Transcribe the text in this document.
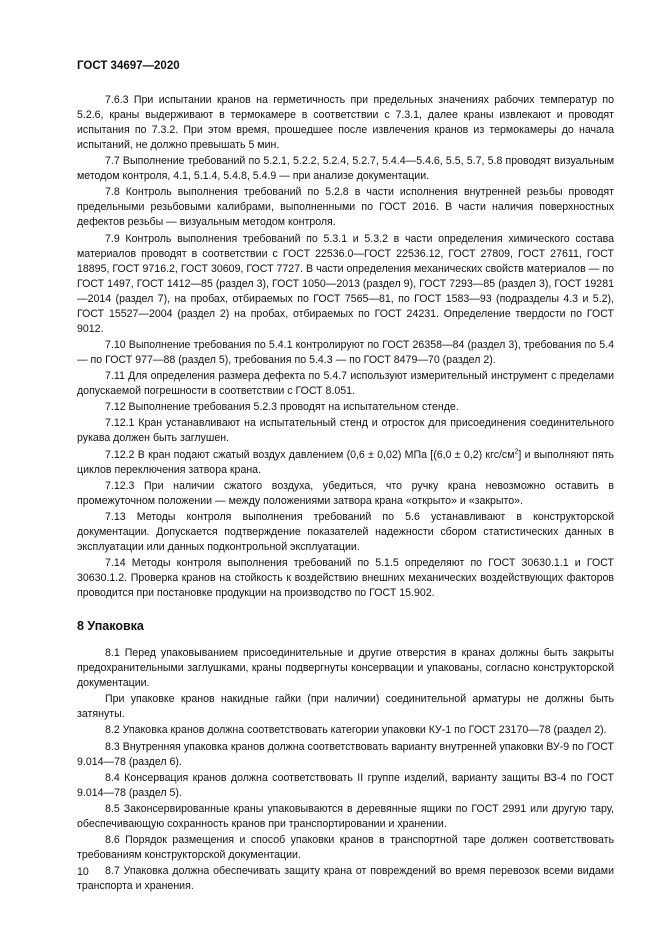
ГОСТ 34697—2020

7.6.3 При испытании кранов на герметичность при предельных значениях рабочих температур по 5.2.6, краны выдерживают в термокамере в соответствии с 7.3.1, далее краны извлекают и проводят испытания по 7.3.2. При этом время, прошедшее после извлечения кранов из термокамеры до начала испытаний, не должно превышать 5 мин.

7.7 Выполнение требований по 5.2.1, 5.2.2, 5.2.4, 5.2.7, 5.4.4—5.4.6, 5.5, 5.7, 5.8 проводят визуальным методом контроля, 4.1, 5.1.4, 5.4.8, 5.4.9 — при анализе документации.

7.8 Контроль выполнения требований по 5.2.8 в части исполнения внутренней резьбы проводят предельными резьбовыми калибрами, выполненными по ГОСТ 2016. В части наличия поверхностных дефектов резьбы — визуальным методом контроля.

7.9 Контроль выполнения требований по 5.3.1 и 5.3.2 в части определения химического состава материалов проводят в соответствии с ГОСТ 22536.0—ГОСТ 22536.12, ГОСТ 27809, ГОСТ 27611, ГОСТ 18895, ГОСТ 9716.2, ГОСТ 30609, ГОСТ 7727. В части определения механических свойств материалов — по ГОСТ 1497, ГОСТ 1412—85 (раздел 3), ГОСТ 1050—2013 (раздел 9), ГОСТ 7293—85 (раздел 3), ГОСТ 19281—2014 (раздел 7), на пробах, отбираемых по ГОСТ 7565—81, по ГОСТ 1583—93 (подразделы 4.3 и 5.2), ГОСТ 15527—2004 (раздел 2) на пробах, отбираемых по ГОСТ 24231. Определение твердости по ГОСТ 9012.

7.10 Выполнение требования по 5.4.1 контролируют по ГОСТ 26358—84 (раздел 3), требования по 5.4 — по ГОСТ 977—88 (раздел 5), требования по 5.4.3 — по ГОСТ 8479—70 (раздел 2).

7.11 Для определения размера дефекта по 5.4.7 используют измерительный инструмент с пределами допускаемой погрешности в соответствии с ГОСТ 8.051.

7.12 Выполнение требования 5.2.3 проводят на испытательном стенде.

7.12.1 Кран устанавливают на испытательный стенд и отросток для присоединения соединительного рукава должен быть заглушен.

7.12.2 В кран подают сжатый воздух давлением (0,6 ± 0,02) МПа [(6,0 ± 0,2) кгс/$см^2$] и выполняют пять циклов переключения затвора крана.

7.12.3 При наличии сжатого воздуха, убедиться, что ручку крана невозможно оставить в промежуточном положении — между положениями затвора крана «открыто» и «закрыто».

7.13 Методы контроля выполнения требований по 5.6 устанавливают в конструкторской документации. Допускается подтверждение показателей надежности сбором статистических данных в эксплуатации или данных подконтрольной эксплуатации.

7.14 Методы контроля выполнения требований по 5.1.5 определяют по ГОСТ 30630.1.1 и ГОСТ 30630.1.2. Проверка кранов на стойкость к воздействию внешних механических воздействующих факторов проводится при постановке продукции на производство по ГОСТ 15.902.

8 Упаковка

8.1 Перед упаковыванием присоединительные и другие отверстия в кранах должны быть закрыты предохранительными заглушками, краны подвергнуты консервации и упакованы, согласно конструкторской документации.

При упаковке кранов накидные гайки (при наличии) соединительной арматуры не должны быть затянуты.

8.2 Упаковка кранов должна соответствовать категории упаковки КУ-1 по ГОСТ 23170—78 (раздел 2).

8.3 Внутренняя упаковка кранов должна соответствовать варианту внутренней упаковки ВУ-9 по ГОСТ 9.014—78 (раздел 6).

8.4 Консервация кранов должна соответствовать II группе изделий, варианту защиты ВЗ-4 по ГОСТ 9.014—78 (раздел 5).

8.5 Законсервированные краны упаковываются в деревянные ящики по ГОСТ 2991 или другую тару, обеспечивающую сохранность кранов при транспортировании и хранении.

8.6 Порядок размещения и способ упаковки кранов в транспортной таре должен соответствовать требованиям конструкторской документации.

8.7 Упаковка должна обеспечивать защиту крана от повреждений во время перевозок всеми видами транспорта и хранения.

10
